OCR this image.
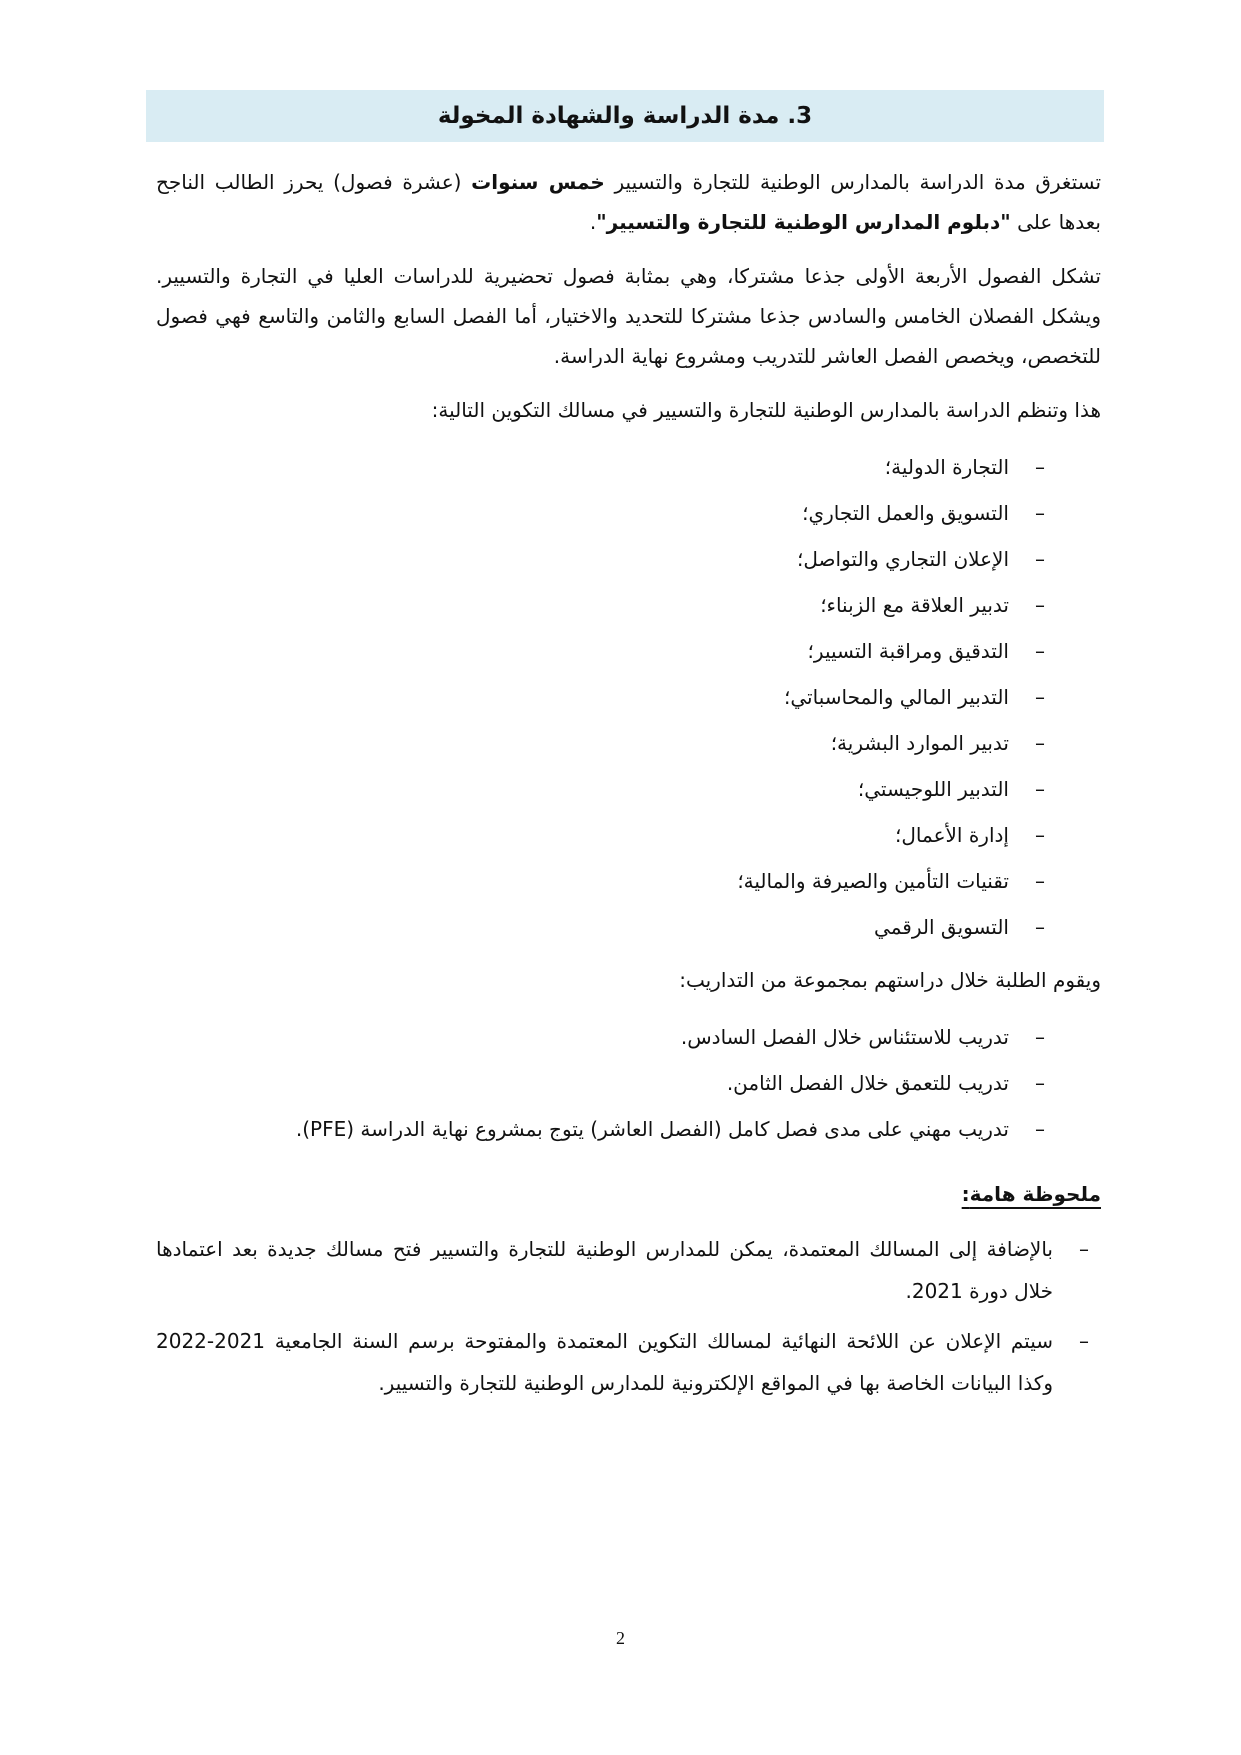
3. مدة الدراسة والشهادة المخولة

تستغرق مدة الدراسة بالمدارس الوطنية للتجارة والتسيير خمس سنوات (عشرة فصول) يحرز الطالب الناجح بعدها على "دبلوم المدارس الوطنية للتجارة والتسيير".

تشكل الفصول الأربعة الأولى جذعا مشتركا، وهي بمثابة فصول تحضيرية للدراسات العليا في التجارة والتسيير. ويشكل الفصلان الخامس والسادس جذعا مشتركا للتحديد والاختيار، أما الفصل السابع والثامن والتاسع فهي فصول للتخصص، ويخصص الفصل العاشر للتدريب ومشروع نهاية الدراسة.

هذا وتنظم الدراسة بالمدارس الوطنية للتجارة والتسيير في مسالك التكوين التالية:

–
التجارة الدولية؛
–
التسويق والعمل التجاري؛
–
الإعلان التجاري والتواصل؛
–
تدبير العلاقة مع الزبناء؛
–
التدقيق ومراقبة التسيير؛
–
التدبير المالي والمحاسباتي؛
–
تدبير الموارد البشرية؛
–
التدبير اللوجيستي؛
–
إدارة الأعمال؛
–
تقنيات التأمين والصيرفة والمالية؛
–
التسويق الرقمي

ويقوم الطلبة خلال دراستهم بمجموعة من التداريب:

–
تدريب للاستئناس خلال الفصل السادس.
–
تدريب للتعمق خلال الفصل الثامن.
–
تدريب مهني على مدى فصل كامل (الفصل العاشر) يتوج بمشروع نهاية الدراسة (PFE).
ملحوظة هامة:
–
بالإضافة إلى المسالك المعتمدة، يمكن للمدارس الوطنية للتجارة والتسيير فتح مسالك جديدة بعد اعتمادها خلال دورة 2021.
–
سيتم الإعلان عن اللائحة النهائية لمسالك التكوين المعتمدة والمفتوحة برسم السنة الجامعية 2021-2022 وكذا البيانات الخاصة بها في المواقع الإلكترونية للمدارس الوطنية للتجارة والتسيير.
2
